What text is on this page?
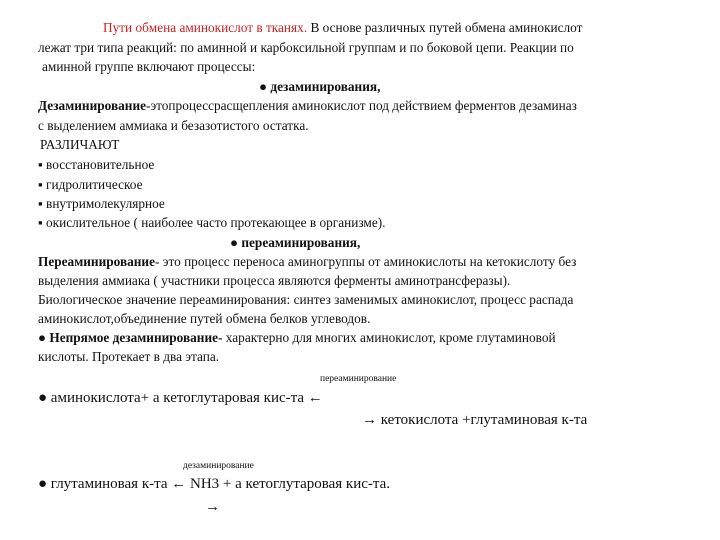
Пути обмена аминокислот в тканях. В основе различных путей обмена аминокислот
лежат три типа реакций: по аминной и карбоксильной группам и по боковой цепи. Реакции по
аминной группе включают процессы:
● дезаминирования,
Дезаминирование-этопроцессрасщепления аминокислот под действием ферментов дезаминаз
с выделением аммиака и безазотистого остатка.
РАЗЛИЧАЮТ
▪ восстановительное
▪ гидролитическое
▪ внутримолекулярное
▪ окислительное ( наиболее часто протекающее в организме).
● переаминирования,
Переаминирование- это процесс переноса аминогруппы от аминокислоты на кетокислоту без
выделения аммиака ( участники процесса являются ферменты аминотрансферазы).
Биологическое значение переаминирования: синтез заменимых аминокислот, процесс распада
аминокислот,объединение путей обмена белков углеводов.
● Непрямое дезаминирование- характерно для многих аминокислот, кроме глутаминовой
кислоты. Протекает в два этапа.
переаминирование
● аминокислота+ а кетоглутаровая кис-та ←
→ кетокислота +глутаминовая к-та
дезаминирование
● глутаминовая к-та ← NH3 + а кетоглутаровая кис-та.
→
